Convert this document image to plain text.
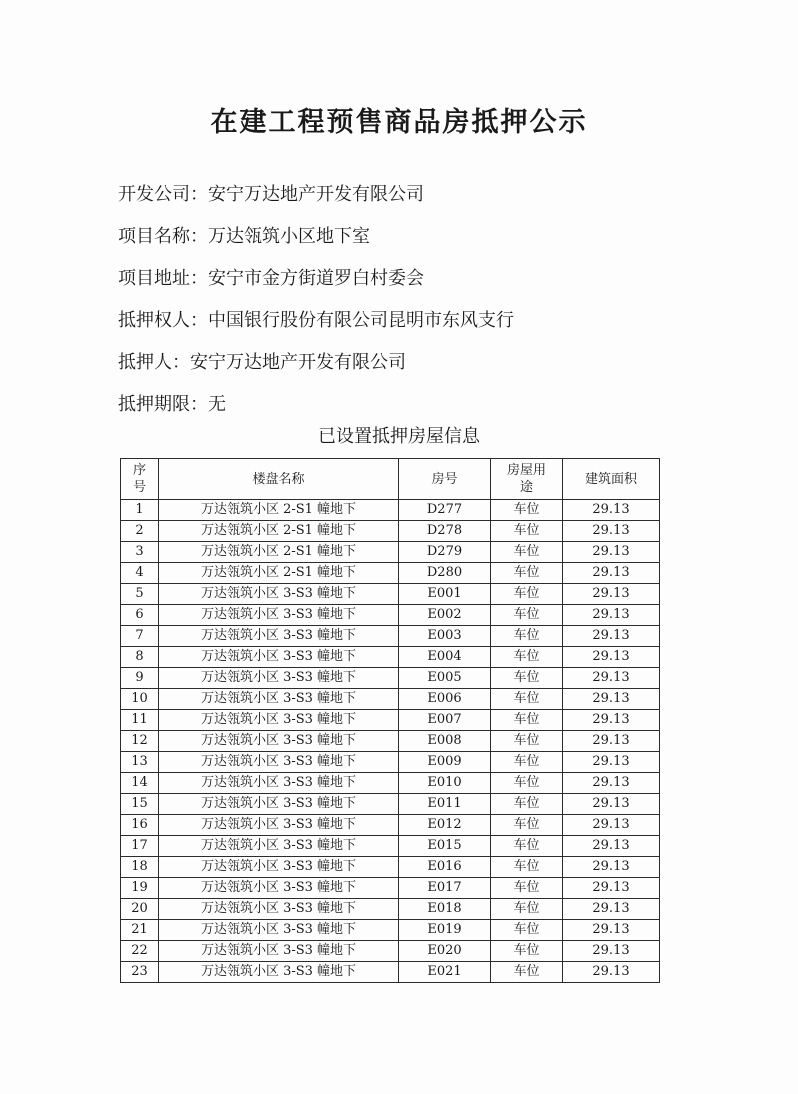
在建工程预售商品房抵押公示
开发公司：安宁万达地产开发有限公司
项目名称：万达瓴筑小区地下室
项目地址：安宁市金方街道罗白村委会
抵押权人：中国银行股份有限公司昆明市东风支行
抵押人：安宁万达地产开发有限公司
抵押期限：无
已设置抵押房屋信息
序号	楼盘名称	房号	房屋用途	建筑面积
1	万达瓴筑小区 2-S1 幢地下	D277	车位	29.13
2	万达瓴筑小区 2-S1 幢地下	D278	车位	29.13
3	万达瓴筑小区 2-S1 幢地下	D279	车位	29.13
4	万达瓴筑小区 2-S1 幢地下	D280	车位	29.13
5	万达瓴筑小区 3-S3 幢地下	E001	车位	29.13
6	万达瓴筑小区 3-S3 幢地下	E002	车位	29.13
7	万达瓴筑小区 3-S3 幢地下	E003	车位	29.13
8	万达瓴筑小区 3-S3 幢地下	E004	车位	29.13
9	万达瓴筑小区 3-S3 幢地下	E005	车位	29.13
10	万达瓴筑小区 3-S3 幢地下	E006	车位	29.13
11	万达瓴筑小区 3-S3 幢地下	E007	车位	29.13
12	万达瓴筑小区 3-S3 幢地下	E008	车位	29.13
13	万达瓴筑小区 3-S3 幢地下	E009	车位	29.13
14	万达瓴筑小区 3-S3 幢地下	E010	车位	29.13
15	万达瓴筑小区 3-S3 幢地下	E011	车位	29.13
16	万达瓴筑小区 3-S3 幢地下	E012	车位	29.13
17	万达瓴筑小区 3-S3 幢地下	E015	车位	29.13
18	万达瓴筑小区 3-S3 幢地下	E016	车位	29.13
19	万达瓴筑小区 3-S3 幢地下	E017	车位	29.13
20	万达瓴筑小区 3-S3 幢地下	E018	车位	29.13
21	万达瓴筑小区 3-S3 幢地下	E019	车位	29.13
22	万达瓴筑小区 3-S3 幢地下	E020	车位	29.13
23	万达瓴筑小区 3-S3 幢地下	E021	车位	29.13
